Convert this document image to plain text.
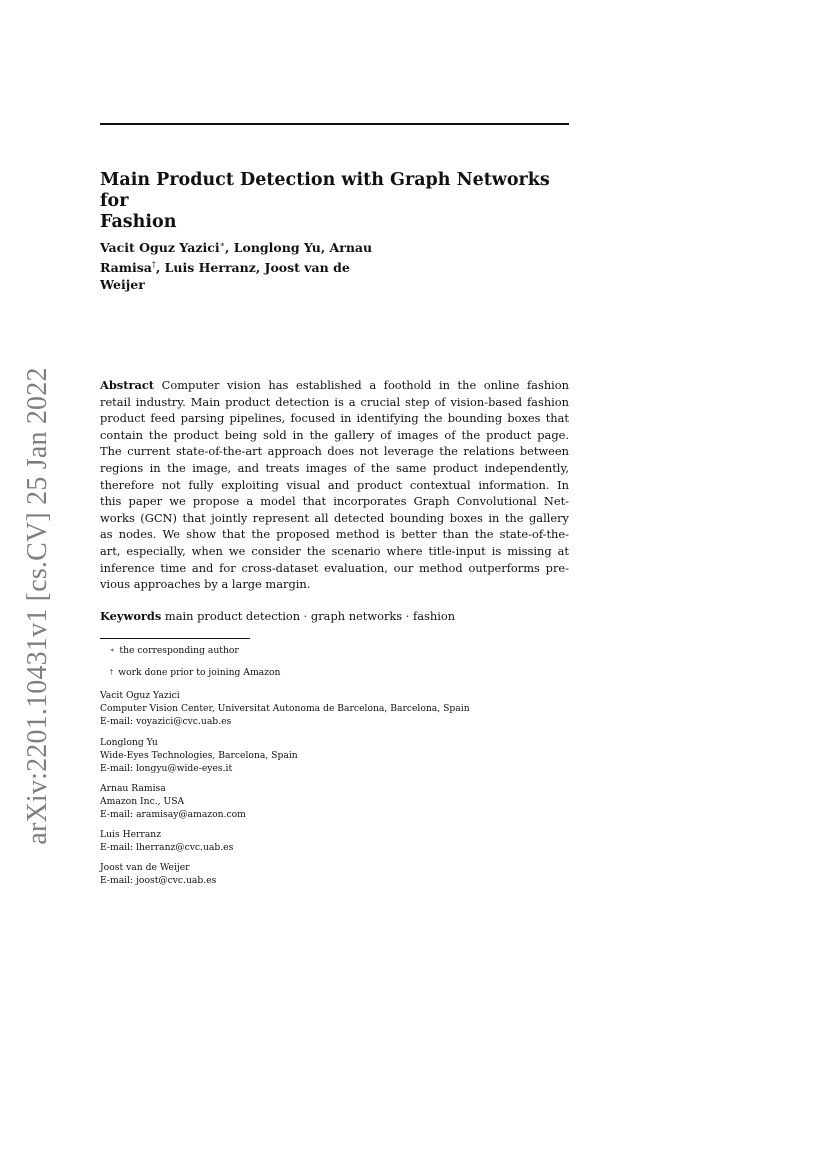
arXiv:2201.10431v1 [cs.CV] 25 Jan 2022
Main Product Detection with Graph Networks for
Fashion
Vacit Oguz Yazici∗, Longlong Yu, Arnau
Ramisa†, Luis Herranz, Joost van de
Weijer
Abstract Computer vision has established a foothold in the online fashion
retail industry. Main product detection is a crucial step of vision-based fashion
product feed parsing pipelines, focused in identifying the bounding boxes that
contain the product being sold in the gallery of images of the product page.
The current state-of-the-art approach does not leverage the relations between
regions in the image, and treats images of the same product independently,
therefore not fully exploiting visual and product contextual information. In
this paper we propose a model that incorporates Graph Convolutional Net-
works (GCN) that jointly represent all detected bounding boxes in the gallery
as nodes. We show that the proposed method is better than the state-of-the-
art, especially, when we consider the scenario where title-input is missing at
inference time and for cross-dataset evaluation, our method outperforms pre-
vious approaches by a large margin.
Keywords main product detection · graph networks · fashion
∗ the corresponding author
† work done prior to joining Amazon
Vacit Oguz Yazici
Computer Vision Center, Universitat Autonoma de Barcelona, Barcelona, Spain
E-mail: voyazici@cvc.uab.es
Longlong Yu
Wide-Eyes Technologies, Barcelona, Spain
E-mail: longyu@wide-eyes.it
Arnau Ramisa
Amazon Inc., USA
E-mail: aramisay@amazon.com
Luis Herranz
E-mail: lherranz@cvc.uab.es
Joost van de Weijer
E-mail: joost@cvc.uab.es
